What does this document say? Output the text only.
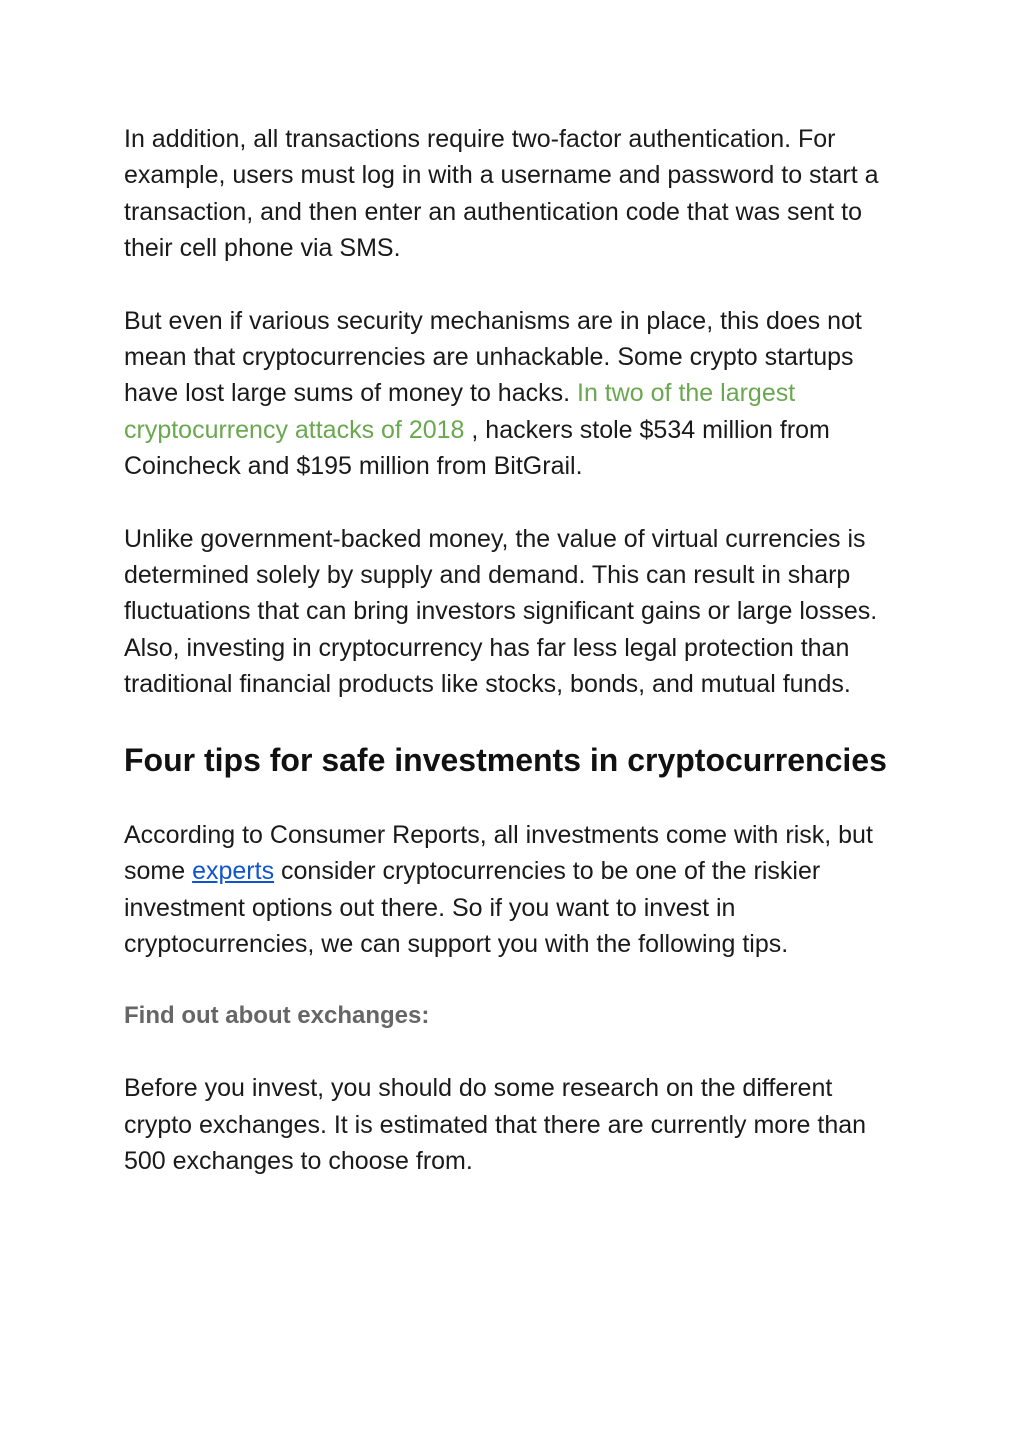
In addition, all transactions require two-factor authentication. For example, users must log in with a username and password to start a transaction, and then enter an authentication code that was sent to their cell phone via SMS.

But even if various security mechanisms are in place, this does not mean that cryptocurrencies are unhackable. Some crypto startups have lost large sums of money to hacks. In two of the largest cryptocurrency attacks of 2018 , hackers stole $534 million from Coincheck and $195 million from BitGrail.

Unlike government-backed money, the value of virtual currencies is determined solely by supply and demand. This can result in sharp fluctuations that can bring investors significant gains or large losses. Also, investing in cryptocurrency has far less legal protection than traditional financial products like stocks, bonds, and mutual funds.

Four tips for safe investments in cryptocurrencies

According to Consumer Reports, all investments come with risk, but some experts consider cryptocurrencies to be one of the riskier investment options out there. So if you want to invest in cryptocurrencies, we can support you with the following tips.

Find out about exchanges:

Before you invest, you should do some research on the different crypto exchanges. It is estimated that there are currently more than 500 exchanges to choose from.
